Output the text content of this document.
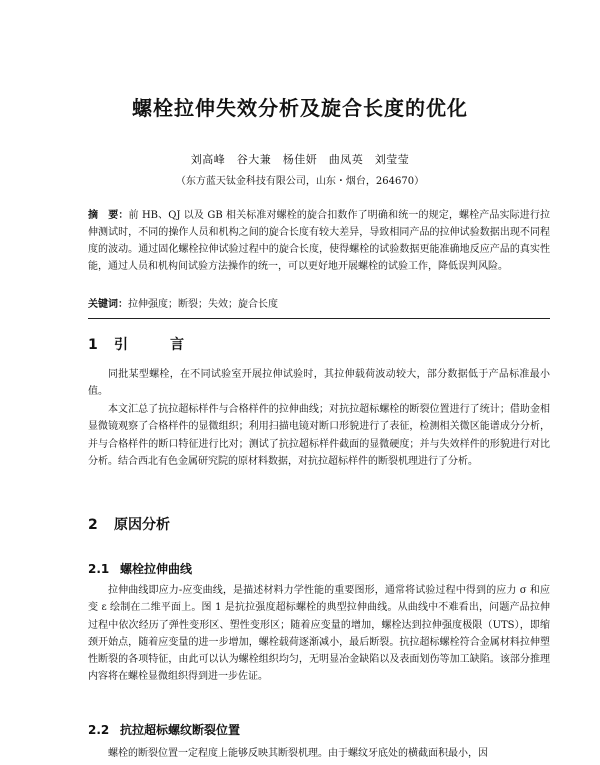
螺栓拉伸失效分析及旋合长度的优化
刘高峰　谷大兼　杨佳妍　曲凤英　刘莹莹
（东方蓝天钛金科技有限公司，山东・烟台，264670）
摘　要：前 HB、QJ 以及 GB 相关标准对螺栓的旋合扣数作了明确和统一的规定，螺栓产品实际进行拉伸测试时，不同的操作人员和机构之间的旋合长度有较大差异，导致相同产品的拉伸试验数据出现不同程度的波动。通过固化螺栓拉伸试验过程中的旋合长度，使得螺栓的试验数据更能准确地反应产品的真实性能，通过人员和机构间试验方法操作的统一，可以更好地开展螺栓的试验工作，降低误判风险。
关键词：拉伸强度；断裂；失效；旋合长度
1 引　言

同批某型螺栓，在不同试验室开展拉伸试验时，其拉伸载荷波动较大，部分数据低于产品标准最小值。

本文汇总了抗拉超标样件与合格样件的拉伸曲线；对抗拉超标螺栓的断裂位置进行了统计；借助金相显微镜观察了合格样件的显微组织；利用扫描电镜对断口形貌进行了表征，检测相关微区能谱成分分析，并与合格样件的断口特征进行比对；测试了抗拉超标样件截面的显微硬度；并与失效样件的形貌进行对比分析。结合西北有色金属研究院的原材料数据，对抗拉超标样件的断裂机理进行了分析。

2 原因分析
2.1 螺栓拉伸曲线

拉伸曲线即应力-应变曲线，是描述材料力学性能的重要图形，通常将试验过程中得到的应力 σ 和应变 ε 绘制在二维平面上。图 1 是抗拉强度超标螺栓的典型拉伸曲线。从曲线中不难看出，问题产品拉伸过程中依次经历了弹性变形区、塑性变形区；随着应变量的增加，螺栓达到拉伸强度极限（UTS），即缩颈开始点，随着应变量的进一步增加，螺栓载荷逐渐减小，最后断裂。抗拉超标螺栓符合金属材料拉伸塑性断裂的各项特征，由此可以认为螺栓组织均匀，无明显冶金缺陷以及表面划伤等加工缺陷。该部分推理内容将在螺栓显微组织得到进一步佐证。

2.2 抗拉超标螺纹断裂位置

螺栓的断裂位置一定程度上能够反映其断裂机理。由于螺纹牙底处的横截面积最小，因
